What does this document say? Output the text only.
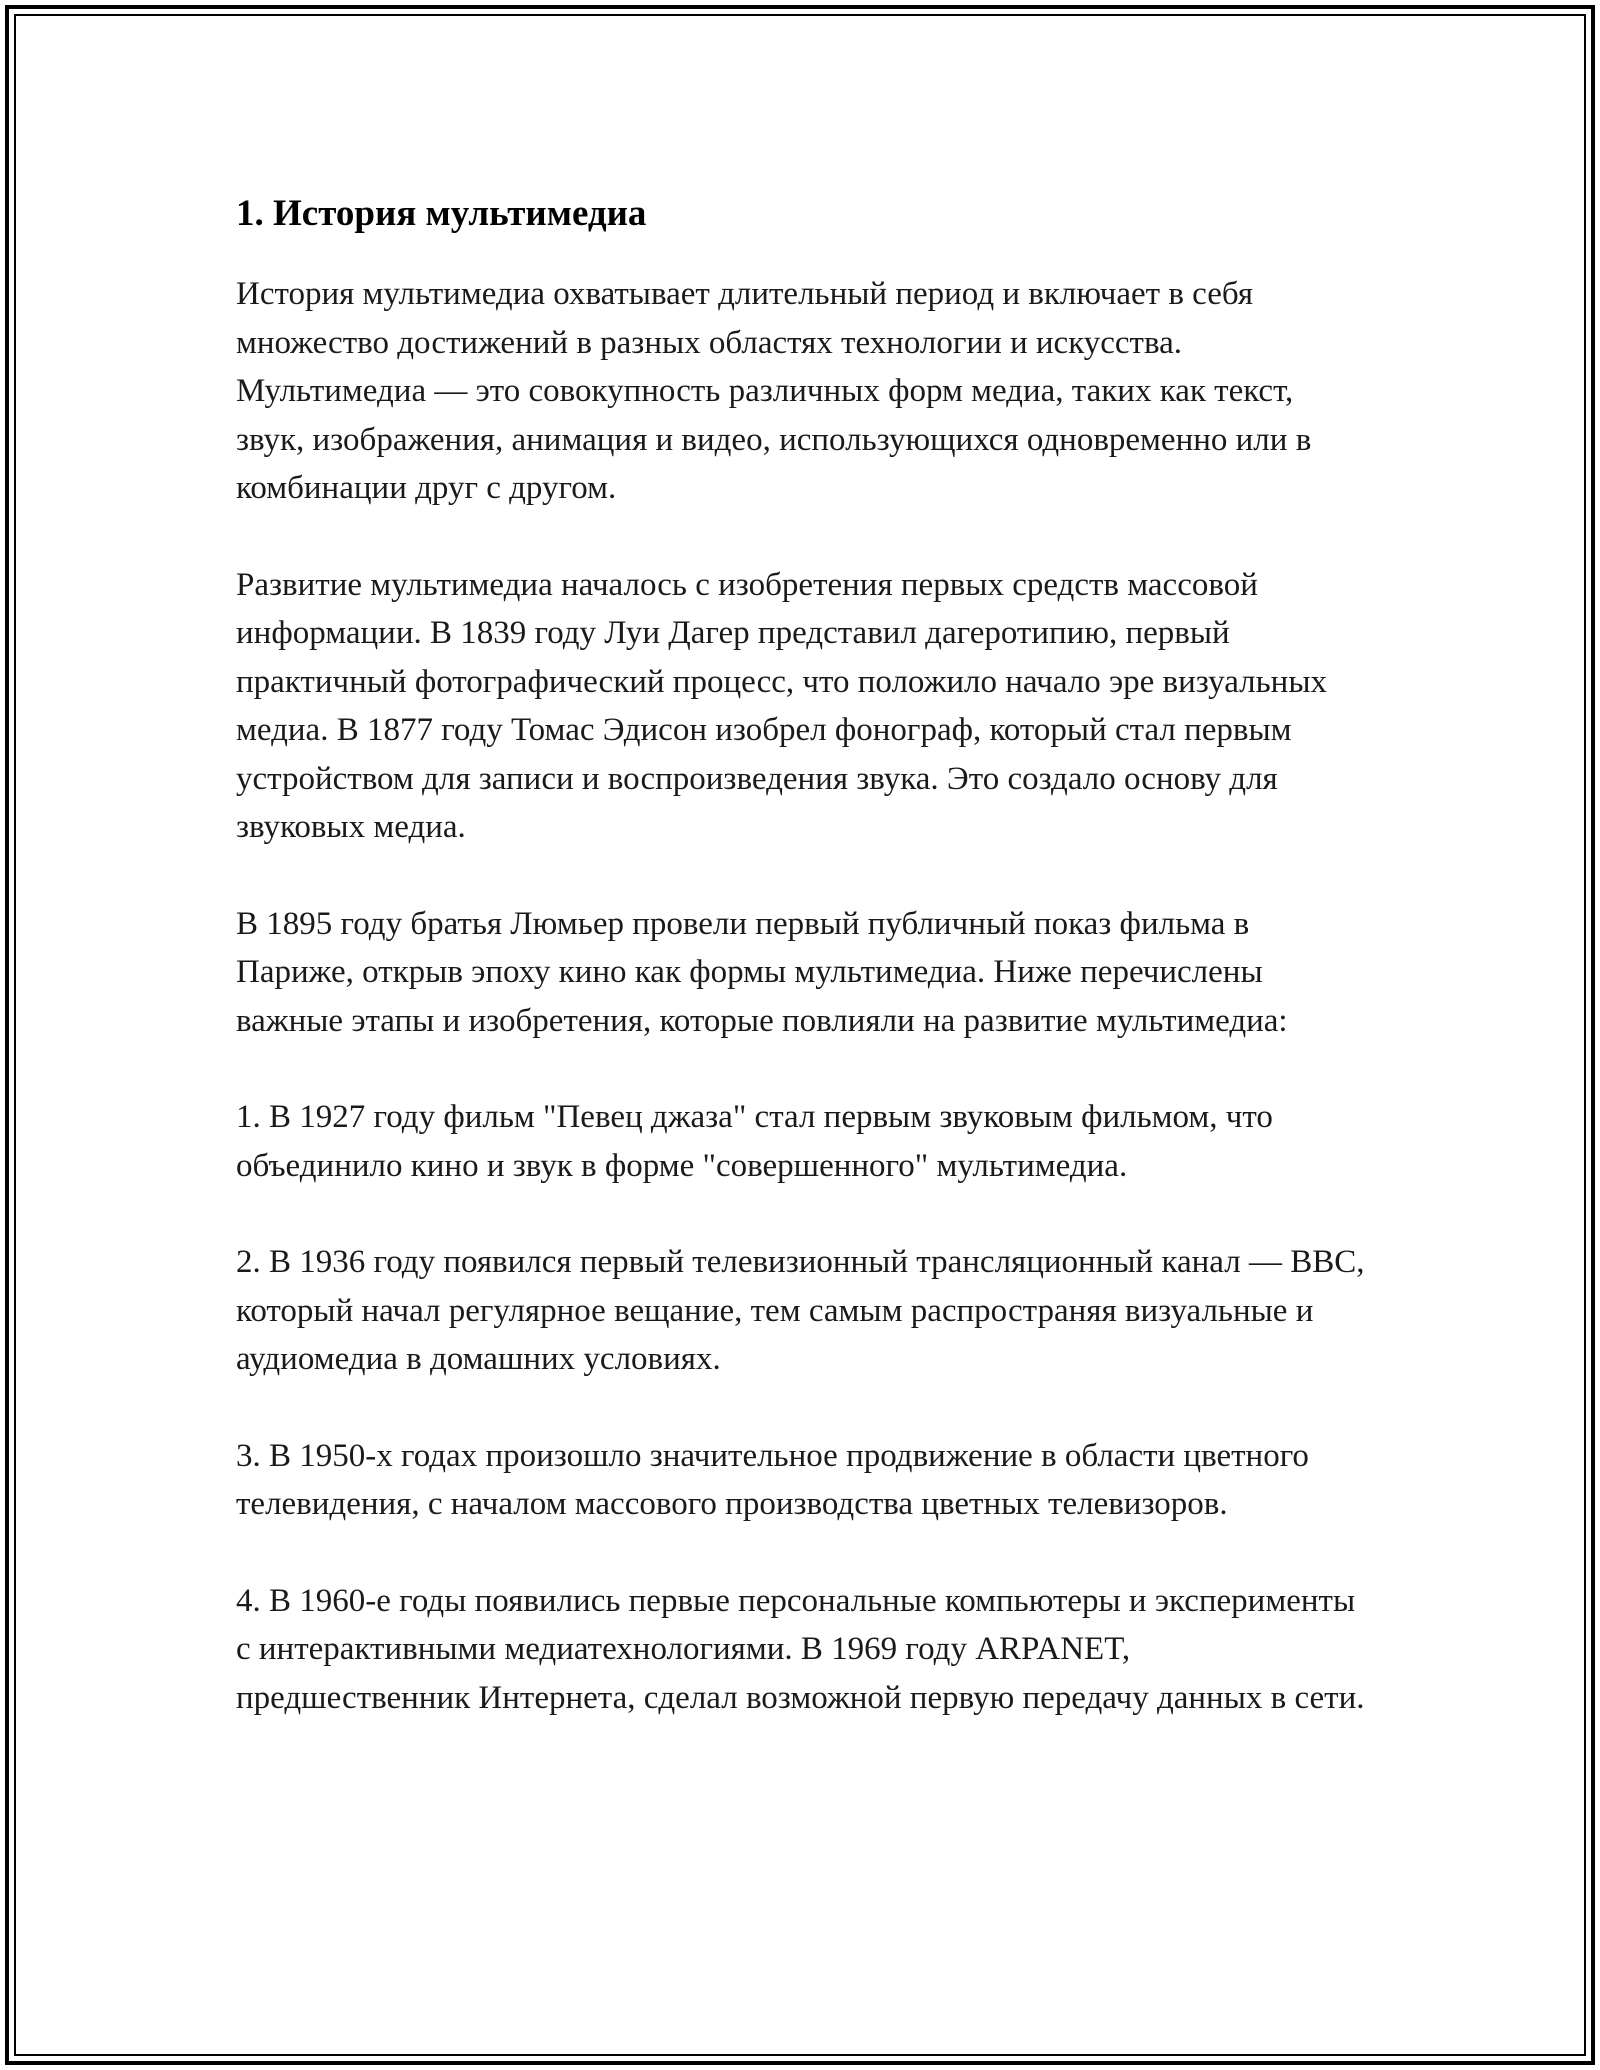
1. История мультимедиа

История мультимедиа охватывает длительный период и включает в себя множество достижений в разных областях технологии и искусства. Мультимедиа — это совокупность различных форм медиа, таких как текст, звук, изображения, анимация и видео, использующихся одновременно или в комбинации друг с другом.

Развитие мультимедиа началось с изобретения первых средств массовой информации. В 1839 году Луи Дагер представил дагеротипию, первый практичный фотографический процесс, что положило начало эре визуальных медиа. В 1877 году Томас Эдисон изобрел фонограф, который стал первым устройством для записи и воспроизведения звука. Это создало основу для звуковых медиа.

В 1895 году братья Люмьер провели первый публичный показ фильма в Париже, открыв эпоху кино как формы мультимедиа. Ниже перечислены важные этапы и изобретения, которые повлияли на развитие мультимедиа:

1. В 1927 году фильм "Певец джаза" стал первым звуковым фильмом, что объединило кино и звук в форме "совершенного" мультимедиа.

2. В 1936 году появился первый телевизионный трансляционный канал — BBC, который начал регулярное вещание, тем самым распространяя визуальные и аудиомедиа в домашних условиях.

3. В 1950-х годах произошло значительное продвижение в области цветного телевидения, с началом массового производства цветных телевизоров.

4. В 1960-е годы появились первые персональные компьютеры и эксперименты с интерактивными медиатехнологиями. В 1969 году ARPANET, предшественник Интернета, сделал возможной первую передачу данных в сети.
